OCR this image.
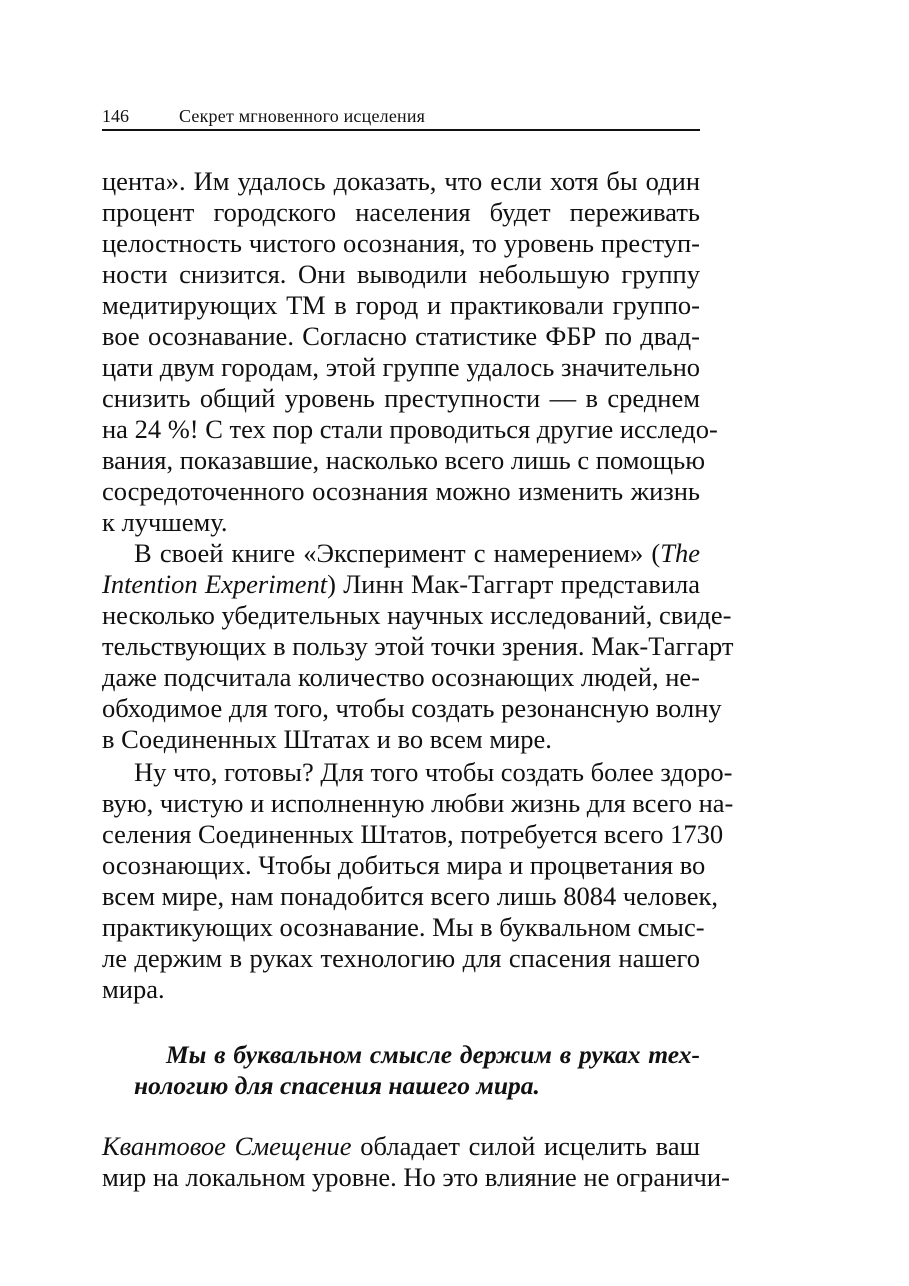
146	Секрет мгновенного исцеления
цента». Им удалось доказать, что если хотя бы один
процент городского населения будет переживать
целостность чистого осознания, то уровень преступ-
ности снизится. Они выводили небольшую группу
медитирующих ТМ в город и практиковали группо-
вое осознавание. Согласно статистике ФБР по двад-
цати двум городам, этой группе удалось значительно
снизить общий уровень преступности — в среднем
на 24 %! С тех пор стали проводиться другие исследо-
вания, показавшие, насколько всего лишь с помощью
сосредоточенного осознания можно изменить жизнь
к лучшему.
В своей книге «Эксперимент с намерением» (The
Intention Experiment) Линн Мак-Таггарт представила
несколько убедительных научных исследований, свиде-
тельствующих в пользу этой точки зрения. Мак-Таггарт
даже подсчитала количество осознающих людей, не-
обходимое для того, чтобы создать резонансную волну
в Соединенных Штатах и во всем мире.
Ну что, готовы? Для того чтобы создать более здоро-
вую, чистую и исполненную любви жизнь для всего на-
селения Соединенных Штатов, потребуется всего 1730
осознающих. Чтобы добиться мира и процветания во
всем мире, нам понадобится всего лишь 8084 человек,
практикующих осознавание. Мы в буквальном смыс-
ле держим в руках технологию для спасения нашего
мира.
Мы в буквальном смысле держим в руках тех-
нологию для спасения нашего мира.
Квантовое Смещение обладает силой исцелить ваш
мир на локальном уровне. Но это влияние не ограничи-
